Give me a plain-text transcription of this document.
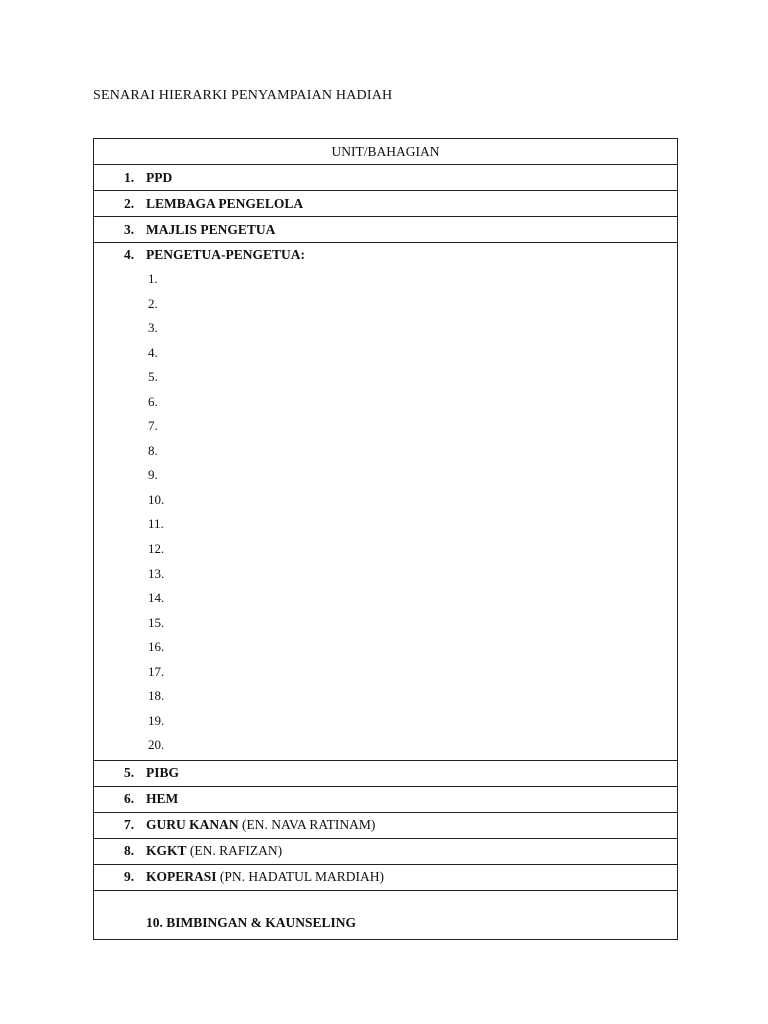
SENARAI HIERARKI PENYAMPAIAN HADIAH
UNIT/BAHAGIAN

1. PPD

2. LEMBAGA PENGELOLA

3. MAJLIS PENGETUA

4. PENGETUA-PENGETUA:
1.
2.
3.
4.
5.
6.
7.
8.
9.
10.
11.
12.
13.
14.
15.
16.
17.
18.
19.
20.

5. PIBG

6. HEM

7. GURU KANAN (EN. NAVA RATINAM)

8. KGKT (EN. RAFIZAN)

9. KOPERASI (PN. HADATUL MARDIAH)

10. BIMBINGAN & KAUNSELING
